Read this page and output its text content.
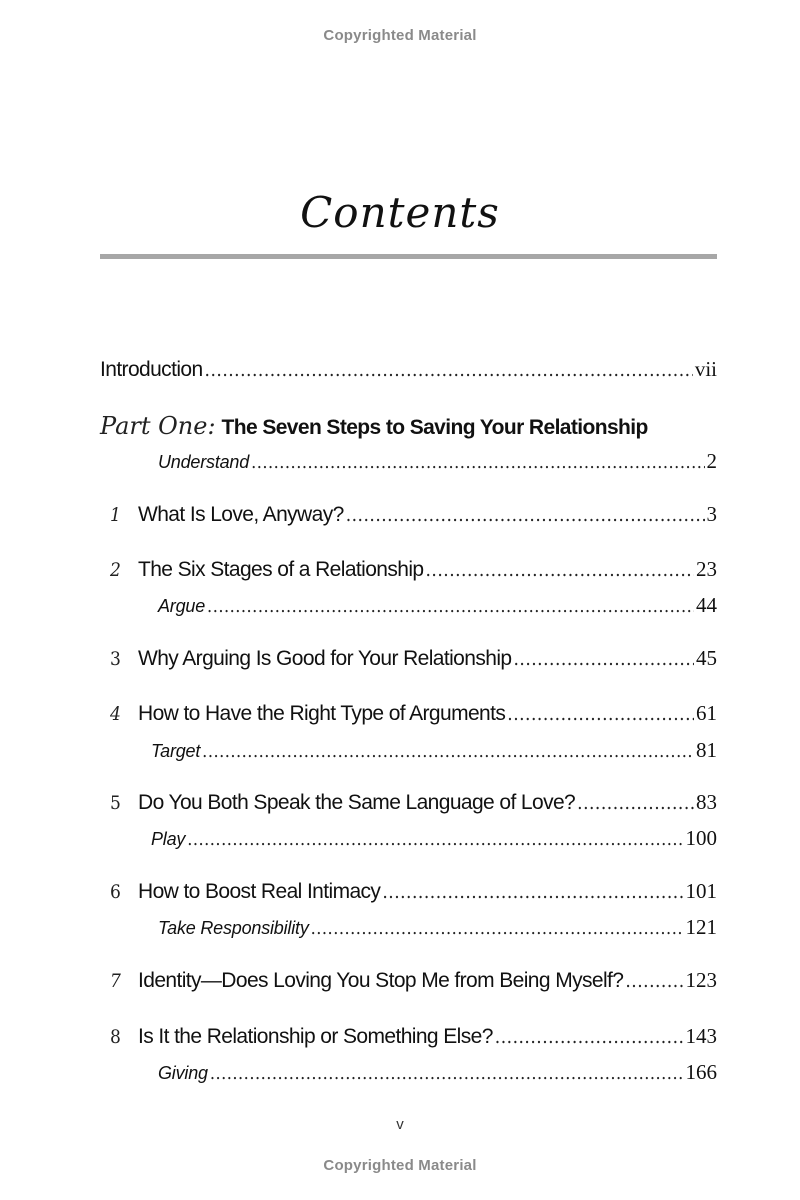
Copyrighted Material
Contents
Introduction .....	vii
Part One: The Seven Steps to Saving Your Relationship
Understand .....	2
1 What Is Love, Anyway? .....	3
2 The Six Stages of a Relationship .....	23
Argue .....	44
3 Why Arguing Is Good for Your Relationship .....	45
4 How to Have the Right Type of Arguments .....	61
Target .....	81
5 Do You Both Speak the Same Language of Love? .....	83
Play .....	100
6 How to Boost Real Intimacy .....	101
Take Responsibility .....	121
7 Identity—Does Loving You Stop Me from Being Myself? .....	123
8 Is It the Relationship or Something Else? .....	143
Giving .....	166
v
Copyrighted Material
